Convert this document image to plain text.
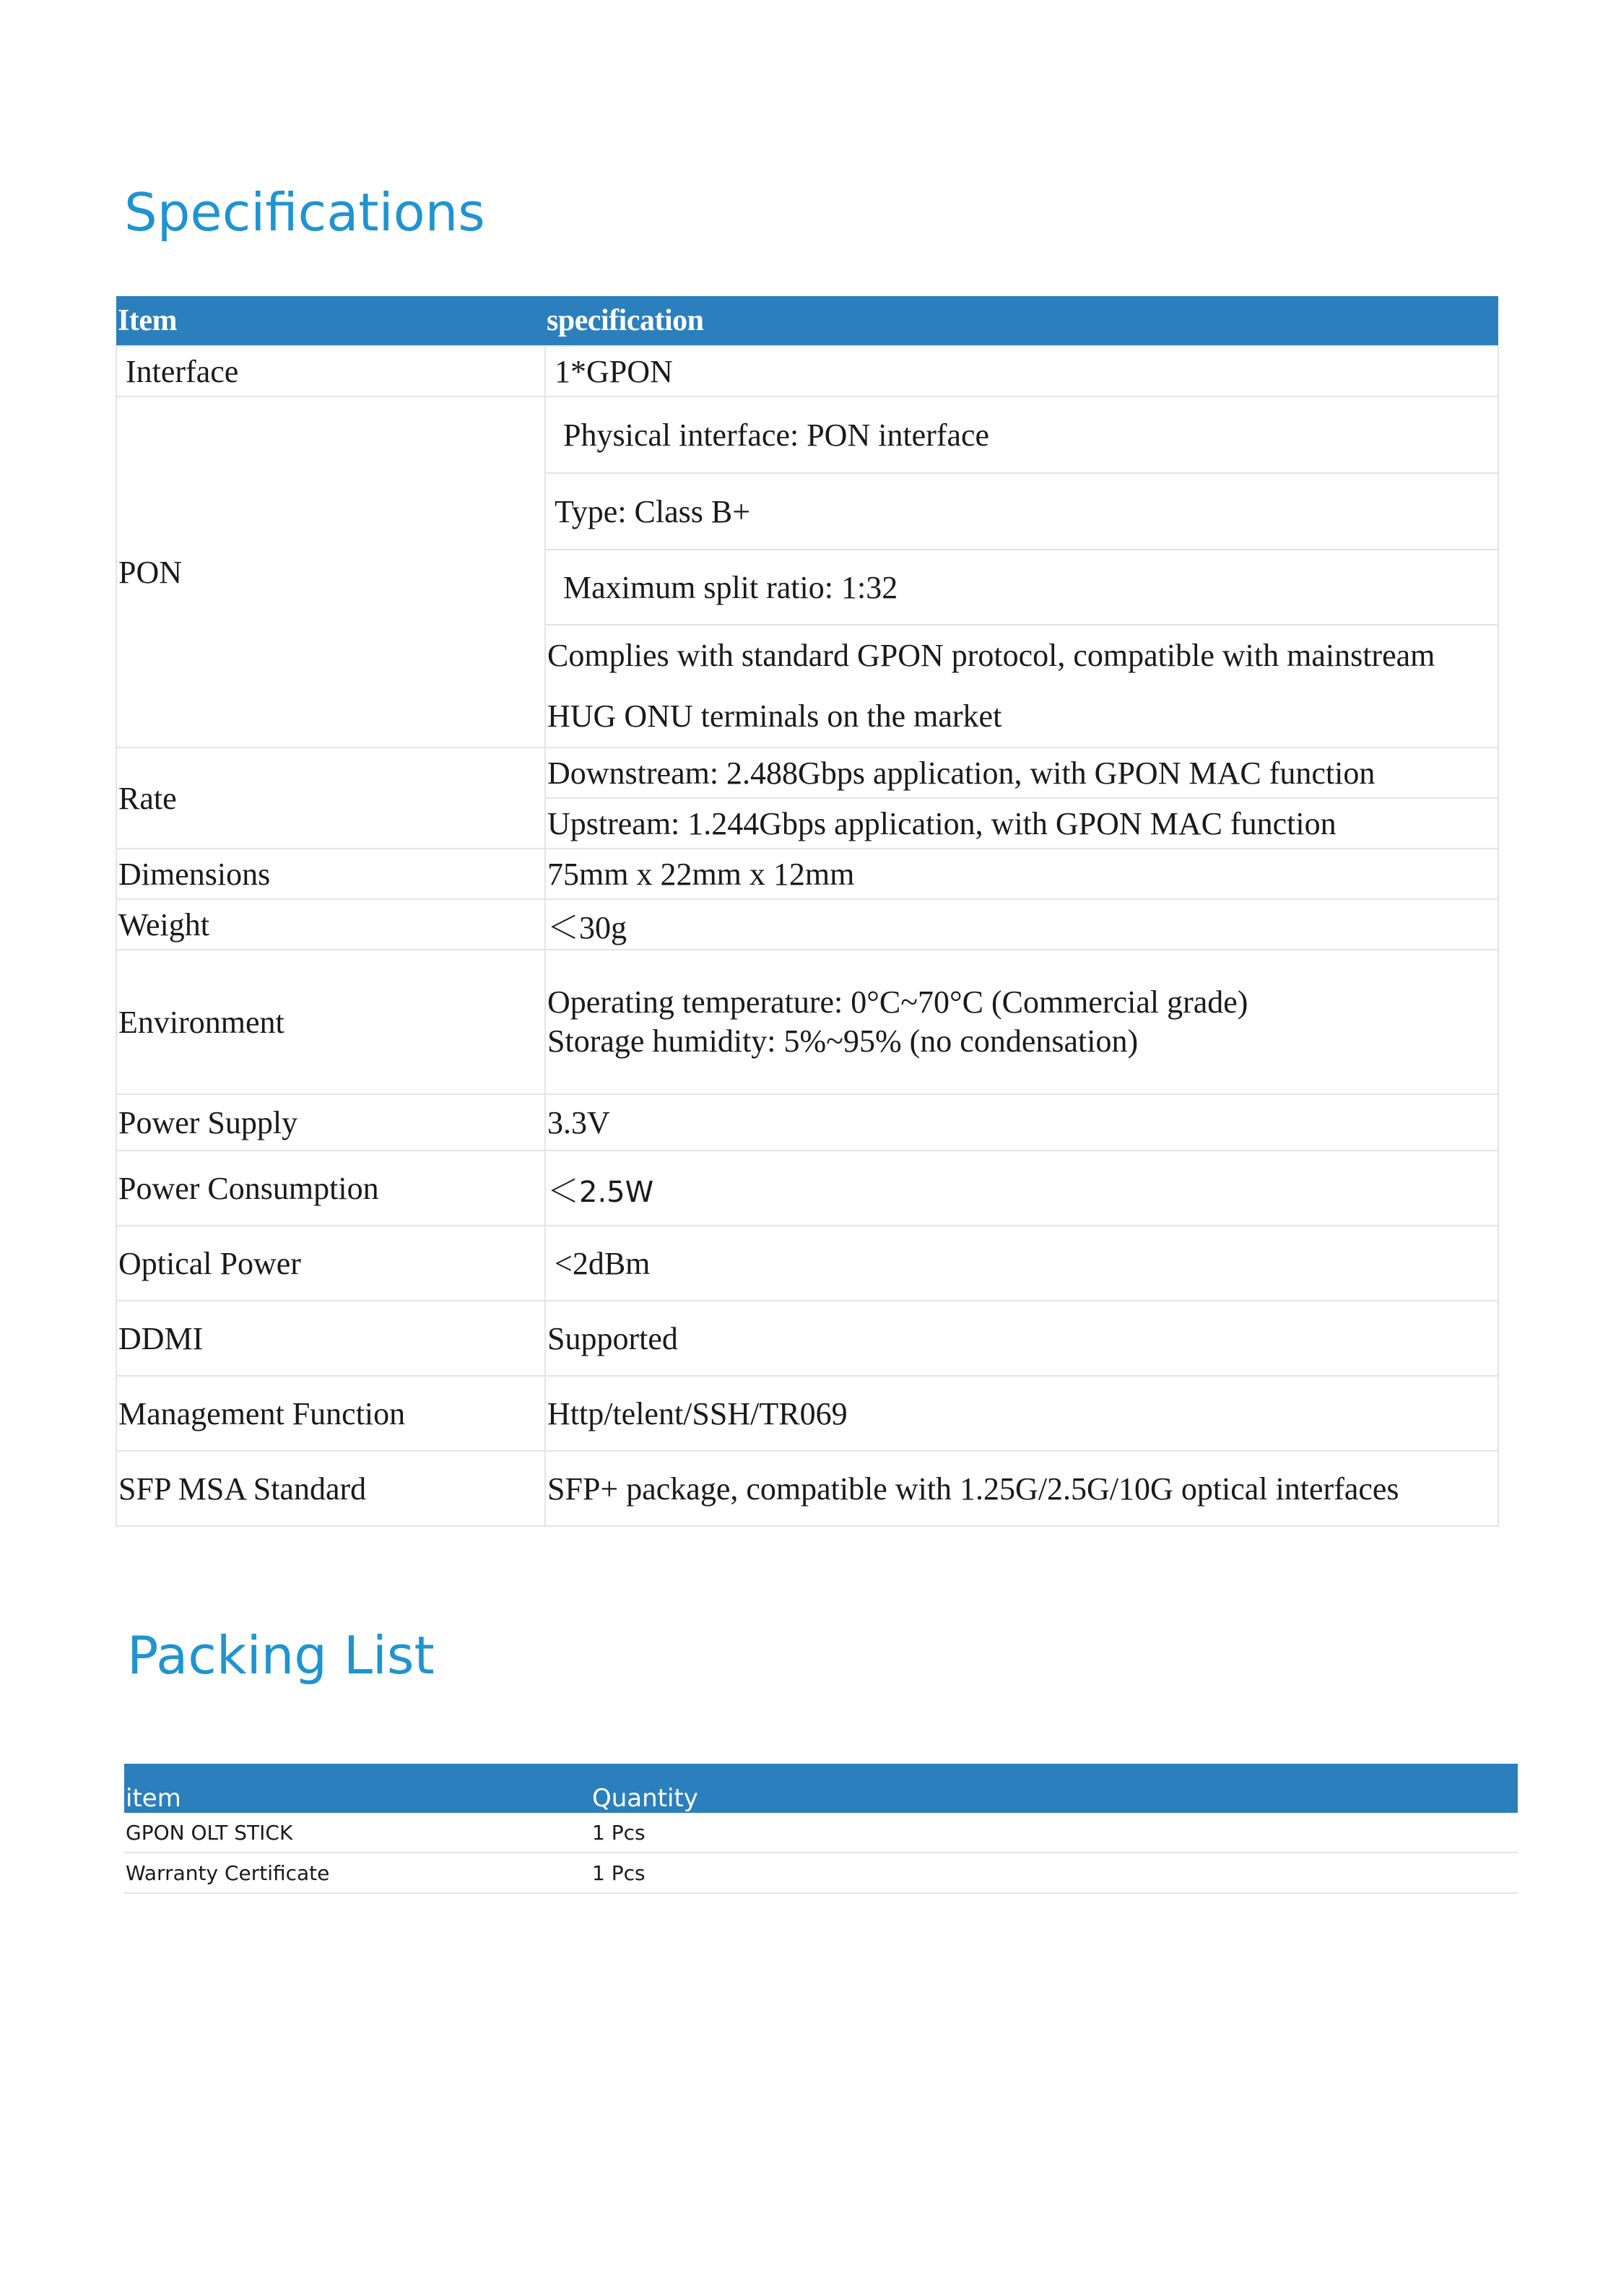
Specifications
Item	specification
Interface	1*GPON
PON	Physical interface: PON interface
	Type: Class B+
	Maximum split ratio: 1:32
	Complies with standard GPON protocol, compatible with mainstream HUG ONU terminals on the market
Rate	Downstream: 2.488Gbps application, with GPON MAC function
	Upstream: 1.244Gbps application, with GPON MAC function
Dimensions	75mm x 22mm x 12mm
Weight	＜30g
Environment	Operating temperature: 0°C~70°C (Commercial grade)
Storage humidity: 5%~95% (no condensation)

Power Supply	3.3V
Power Consumption	＜2.5W
Optical Power	<2dBm
DDMI	Supported
Management Function	Http/telent/SSH/TR069
SFP MSA Standard	SFP+ package, compatible with 1.25G/2.5G/10G optical interfaces
Packing List
item	Quantity
GPON OLT STICK	1 Pcs
Warranty Certificate	1 Pcs
